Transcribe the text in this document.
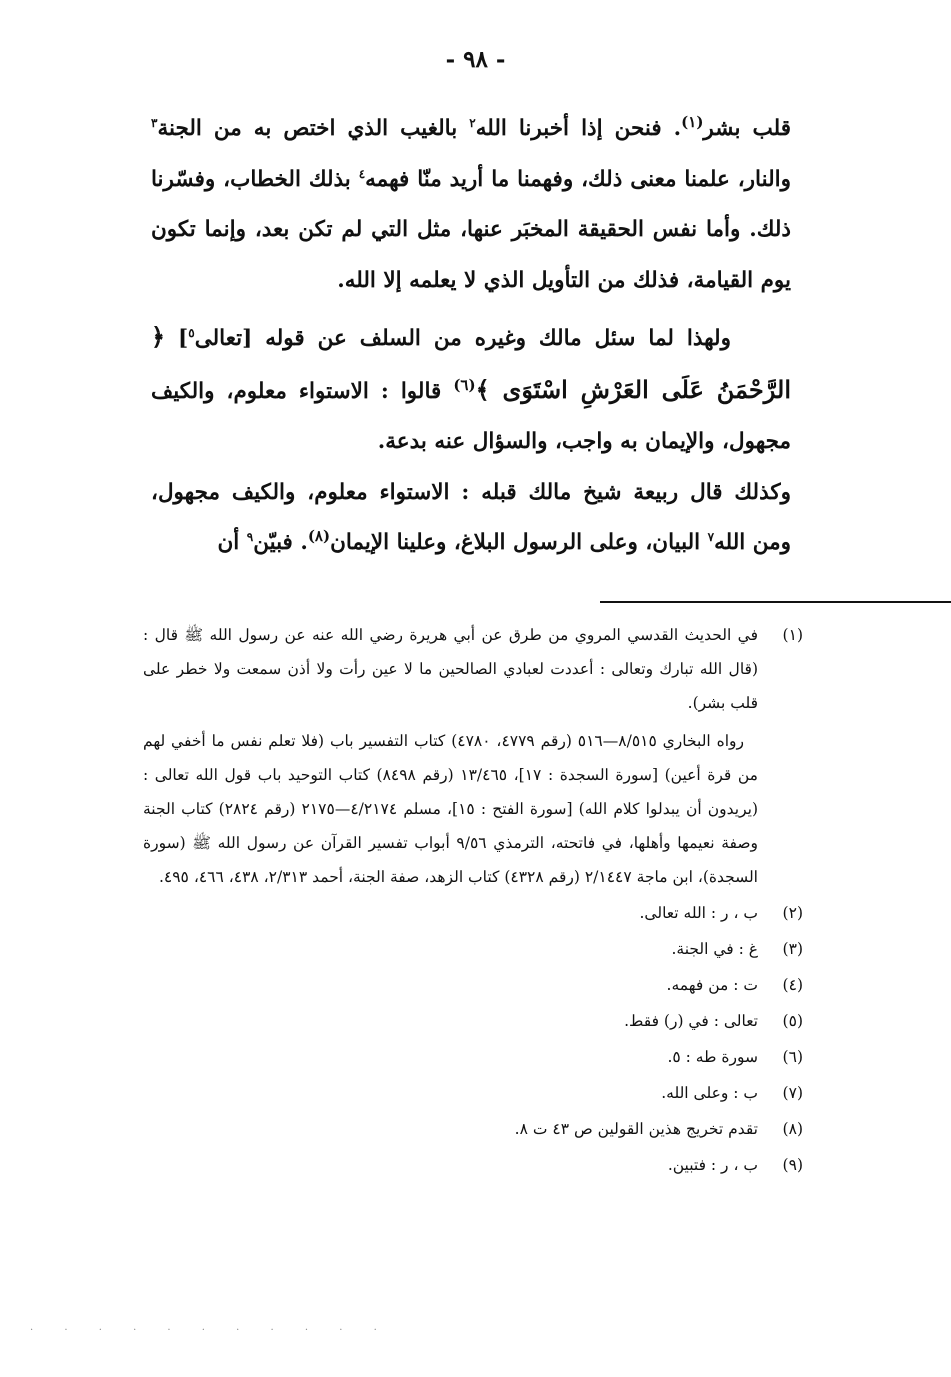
- ٩٨ -

قلب بشر$^{(١)}$. فنحن إذا أخبرنا الله$^٢$ بالغيب الذي اختص به من الجنة$^٣$ والنار، علمنا معنى ذلك، وفهمنا ما أريد منّا فهمه$^٤$ بذلك الخطاب، وفسّرنا ذلك. وأما نفس الحقيقة المخبَر عنها، مثل التي لم تكن بعد، وإنما تكون يوم القيامة، فذلك من التأويل الذي لا يعلمه إلا الله.

ولهذا لما سئل مالك وغيره من السلف عن قوله [تعالى$^٥$] ﴿ الرَّحْمَنُ عَلَى العَرْشِ اسْتَوَى ﴾$^{(٦)}$ قالوا : الاستواء معلوم، والكيف مجهول، والإيمان به واجب، والسؤال عنه بدعة.

وكذلك قال ربيعة شيخ مالك قبله : الاستواء معلوم، والكيف مجهول، ومن الله$^٧$ البيان، وعلى الرسول البلاغ، وعلينا الإيمان$^{(٨)}$. فبيّن$^٩$ أن

(١)

في الحديث القدسي المروي من طرق عن أبي هريرة رضي الله عنه عن رسول الله ﷺ قال : (قال الله تبارك وتعالى : أعددت لعبادي الصالحين ما لا عين رأت ولا أذن سمعت ولا خطر على قلب بشر).

رواه البخاري ٨/٥١٥—٥١٦ (رقم ٤٧٧٩، ٤٧٨٠) كتاب التفسير باب (فلا تعلم نفس ما أخفي لهم من قرة أعين) [سورة السجدة : ١٧]، ١٣/٤٦٥ (رقم ٨٤٩٨) كتاب التوحيد باب قول الله تعالى : (يريدون أن يبدلوا كلام الله) [سورة الفتح : ١٥]، مسلم ٤/٢١٧٤—٢١٧٥ (رقم ٢٨٢٤) كتاب الجنة وصفة نعيمها وأهلها، في فاتحته، الترمذي ٩/٥٦ أبواب تفسير القرآن عن رسول الله ﷺ (سورة السجدة)، ابن ماجة ٢/١٤٤٧ (رقم ٤٣٢٨) كتاب الزهد، صفة الجنة، أحمد ٢/٣١٣، ٤٣٨، ٤٦٦، ٤٩٥.

(٢)
ب ، ر : الله تعالى.
(٣)
غ : في الجنة.
(٤)
ت : من فهمه.
(٥)
تعالى : في (ر) فقط.
(٦)
سورة طه : ٥.
(٧)
ب : وعلى الله.
(٨)
تقدم تخريج هذين القولين ص ٤٣ ت ٨.
(٩)
ب ، ر : فتبين.
. . . . . . . . . . .
